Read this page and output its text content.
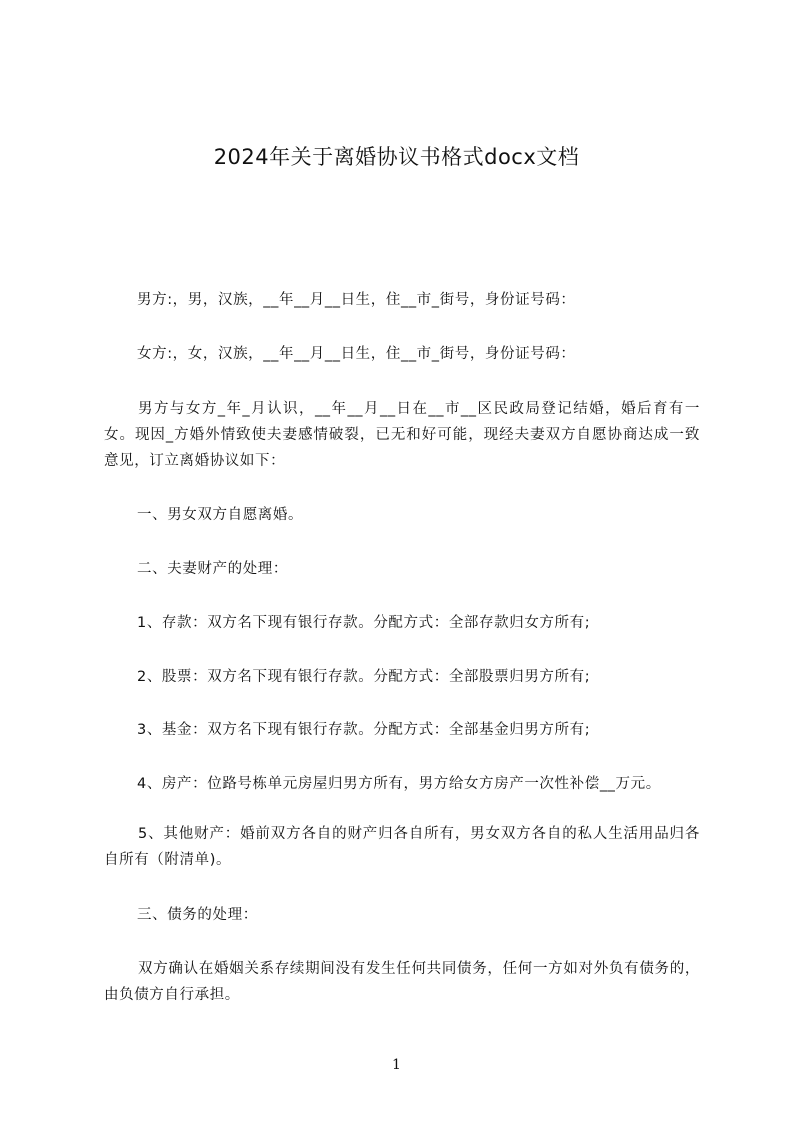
2024年关于离婚协议书格式docx文档
男方:，男，汉族，__年__月__日生，住__市_街号，身份证号码：
女方:，女，汉族，__年__月__日生，住__市_街号，身份证号码：
男方与女方_年_月认识，__年__月__日在__市__区民政局登记结婚，婚后育有一女。现因_方婚外情致使夫妻感情破裂，已无和好可能，现经夫妻双方自愿协商达成一致意见，订立离婚协议如下：
一、男女双方自愿离婚。
二、夫妻财产的处理：
1、存款：双方名下现有银行存款。分配方式：全部存款归女方所有;
2、股票：双方名下现有银行存款。分配方式：全部股票归男方所有;
3、基金：双方名下现有银行存款。分配方式：全部基金归男方所有;
4、房产：位路号栋单元房屋归男方所有，男方给女方房产一次性补偿__万元。
5、其他财产：婚前双方各自的财产归各自所有，男女双方各自的私人生活用品归各自所有（附清单)。
三、债务的处理：
双方确认在婚姻关系存续期间没有发生任何共同债务，任何一方如对外负有债务的，由负债方自行承担。
1
